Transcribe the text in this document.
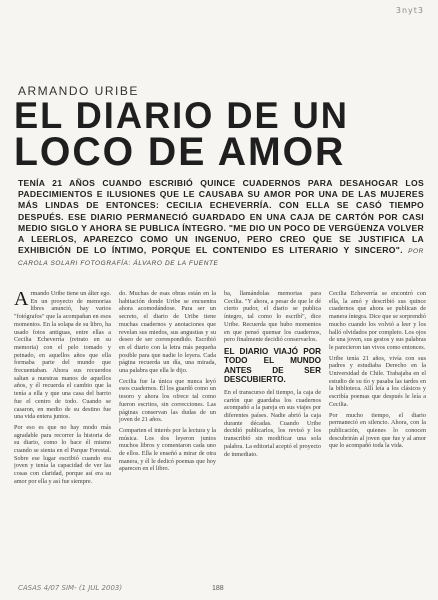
3nyt3
ARMANDO URIBE
EL DIARIO DE UN
LOCO DE AMOR
TENÍA 21 AÑOS CUANDO ESCRIBIÓ QUINCE CUADERNOS PARA DESAHOGAR LOS PADECIMIENTOS E ILUSIONES QUE LE CAUSABA SU AMOR POR UNA DE LAS MUJERES MÁS LINDAS DE ENTONCES: CECILIA ECHEVERRÍA. CON ELLA SE CASÓ TIEMPO DESPUÉS. ESE DIARIO PERMANECIÓ GUARDADO EN UNA CAJA DE CARTÓN POR CASI MEDIO SIGLO Y AHORA SE PUBLICA ÍNTEGRO. "ME DIO UN POCO DE VERGÜENZA VOLVER A LEERLOS, APAREZCO COMO UN INGENUO, PERO CREO QUE SE JUSTIFICA LA EXHIBICIÓN DE LO ÍNTIMO, PORQUE EL CONTENIDO ES LITERARIO Y SINCERO". POR CAROLA SOLARI FOTOGRAFÍA: ÁLVARO DE LA FUENTE

A rmando Uribe tiene un álter ego. En un proyecto de memorias libres anunció, hay varios "fotógrafos" que la acompañan en esos momentos. En la solapa de su libro, ha usado fotos antiguas, entre ellas a Cecilia Echeverría (retrato en su memoria) con el pelo tomado y peinado, en aquellos años que ella formaba parte del mundo que frecuentaban. Ahora sus recuerdos saltan a nuestras manos de aquellos años, y él recuerda el cambio que la tenía a ella y que una casa del barrio fue el centro de todo. Cuando se casaron, en medio de su destino fue una vida entera juntos.

Por eso es que no hay modo más agradable para recorrer la historia de su diario, como lo hace él mismo cuando se sienta en el Parque Forestal. Sobre ese lugar escribió cuando era joven y tenía la capacidad de ver las cosas con claridad, porque así era su amor por ella y así fue siempre.

do. Muchas de esas obras están en la habitación donde Uribe se encuentra ahora acomodándose. Para ser un secreto, el diario de Uribe tiene muchas cuadernos y anotaciones que revelan sus miedos, sus angustias y su deseo de ser correspondido. Escribió en el diario con la letra más pequeña posible para que nadie lo leyera. Cada página recuerda un día, una mirada, una palabra que ella le dijo.

Cecilia fue la única que nunca leyó esos cuadernos. Él los guardó como un tesoro y ahora los ofrece tal como fueron escritos, sin correcciones. Las páginas conservan las dudas de un joven de 21 años.

Comparten el interés por la lectura y la música. Los dos leyeron juntos muchos libros y comentaron cada uno de ellos. Ella le enseñó a mirar de otra manera, y él le dedicó poemas que hoy aparecen en el libro.

ba, llamándolas memorias para Cecilia. "Y ahora, a pesar de que le dé cierto pudor, el diario se publica íntegro, tal como lo escribí", dice Uribe. Recuerda que hubo momentos en que pensó quemar los cuadernos, pero finalmente decidió conservarlos.

EL DIARIO VIAJÓ POR TODO EL MUNDO ANTES DE SER DESCUBIERTO.

En el transcurso del tiempo, la caja de cartón que guardaba los cuadernos acompañó a la pareja en sus viajes por diferentes países. Nadie abrió la caja durante décadas. Cuando Uribe decidió publicarlos, los revisó y los transcribió sin modificar una sola palabra. La editorial aceptó el proyecto de inmediato.

Cecilia Echeverría se encontró con ella, la amó y describió sus quince cuadernos que ahora se publican de manera íntegra. Dice que se sorprendió mucho cuando los volvió a leer y los halló olvidados por completo. Los ojos de una joven, sus gestos y sus palabras le parecieron tan vivos como entonces.

Uribe tenía 21 años, vivía con sus padres y estudiaba Derecho en la Universidad de Chile. Trabajaba en el estudio de su tío y pasaba las tardes en la biblioteca. Allí leía a los clásicos y escribía poemas que después le leía a Cecilia.

Por mucho tiempo, el diario permaneció en silencio. Ahora, con la publicación, quienes lo conocen descubrirán al joven que fue y al amor que lo acompañó toda la vida.

CASAS 4/07 SIM- (1 JUL 2003)	188
